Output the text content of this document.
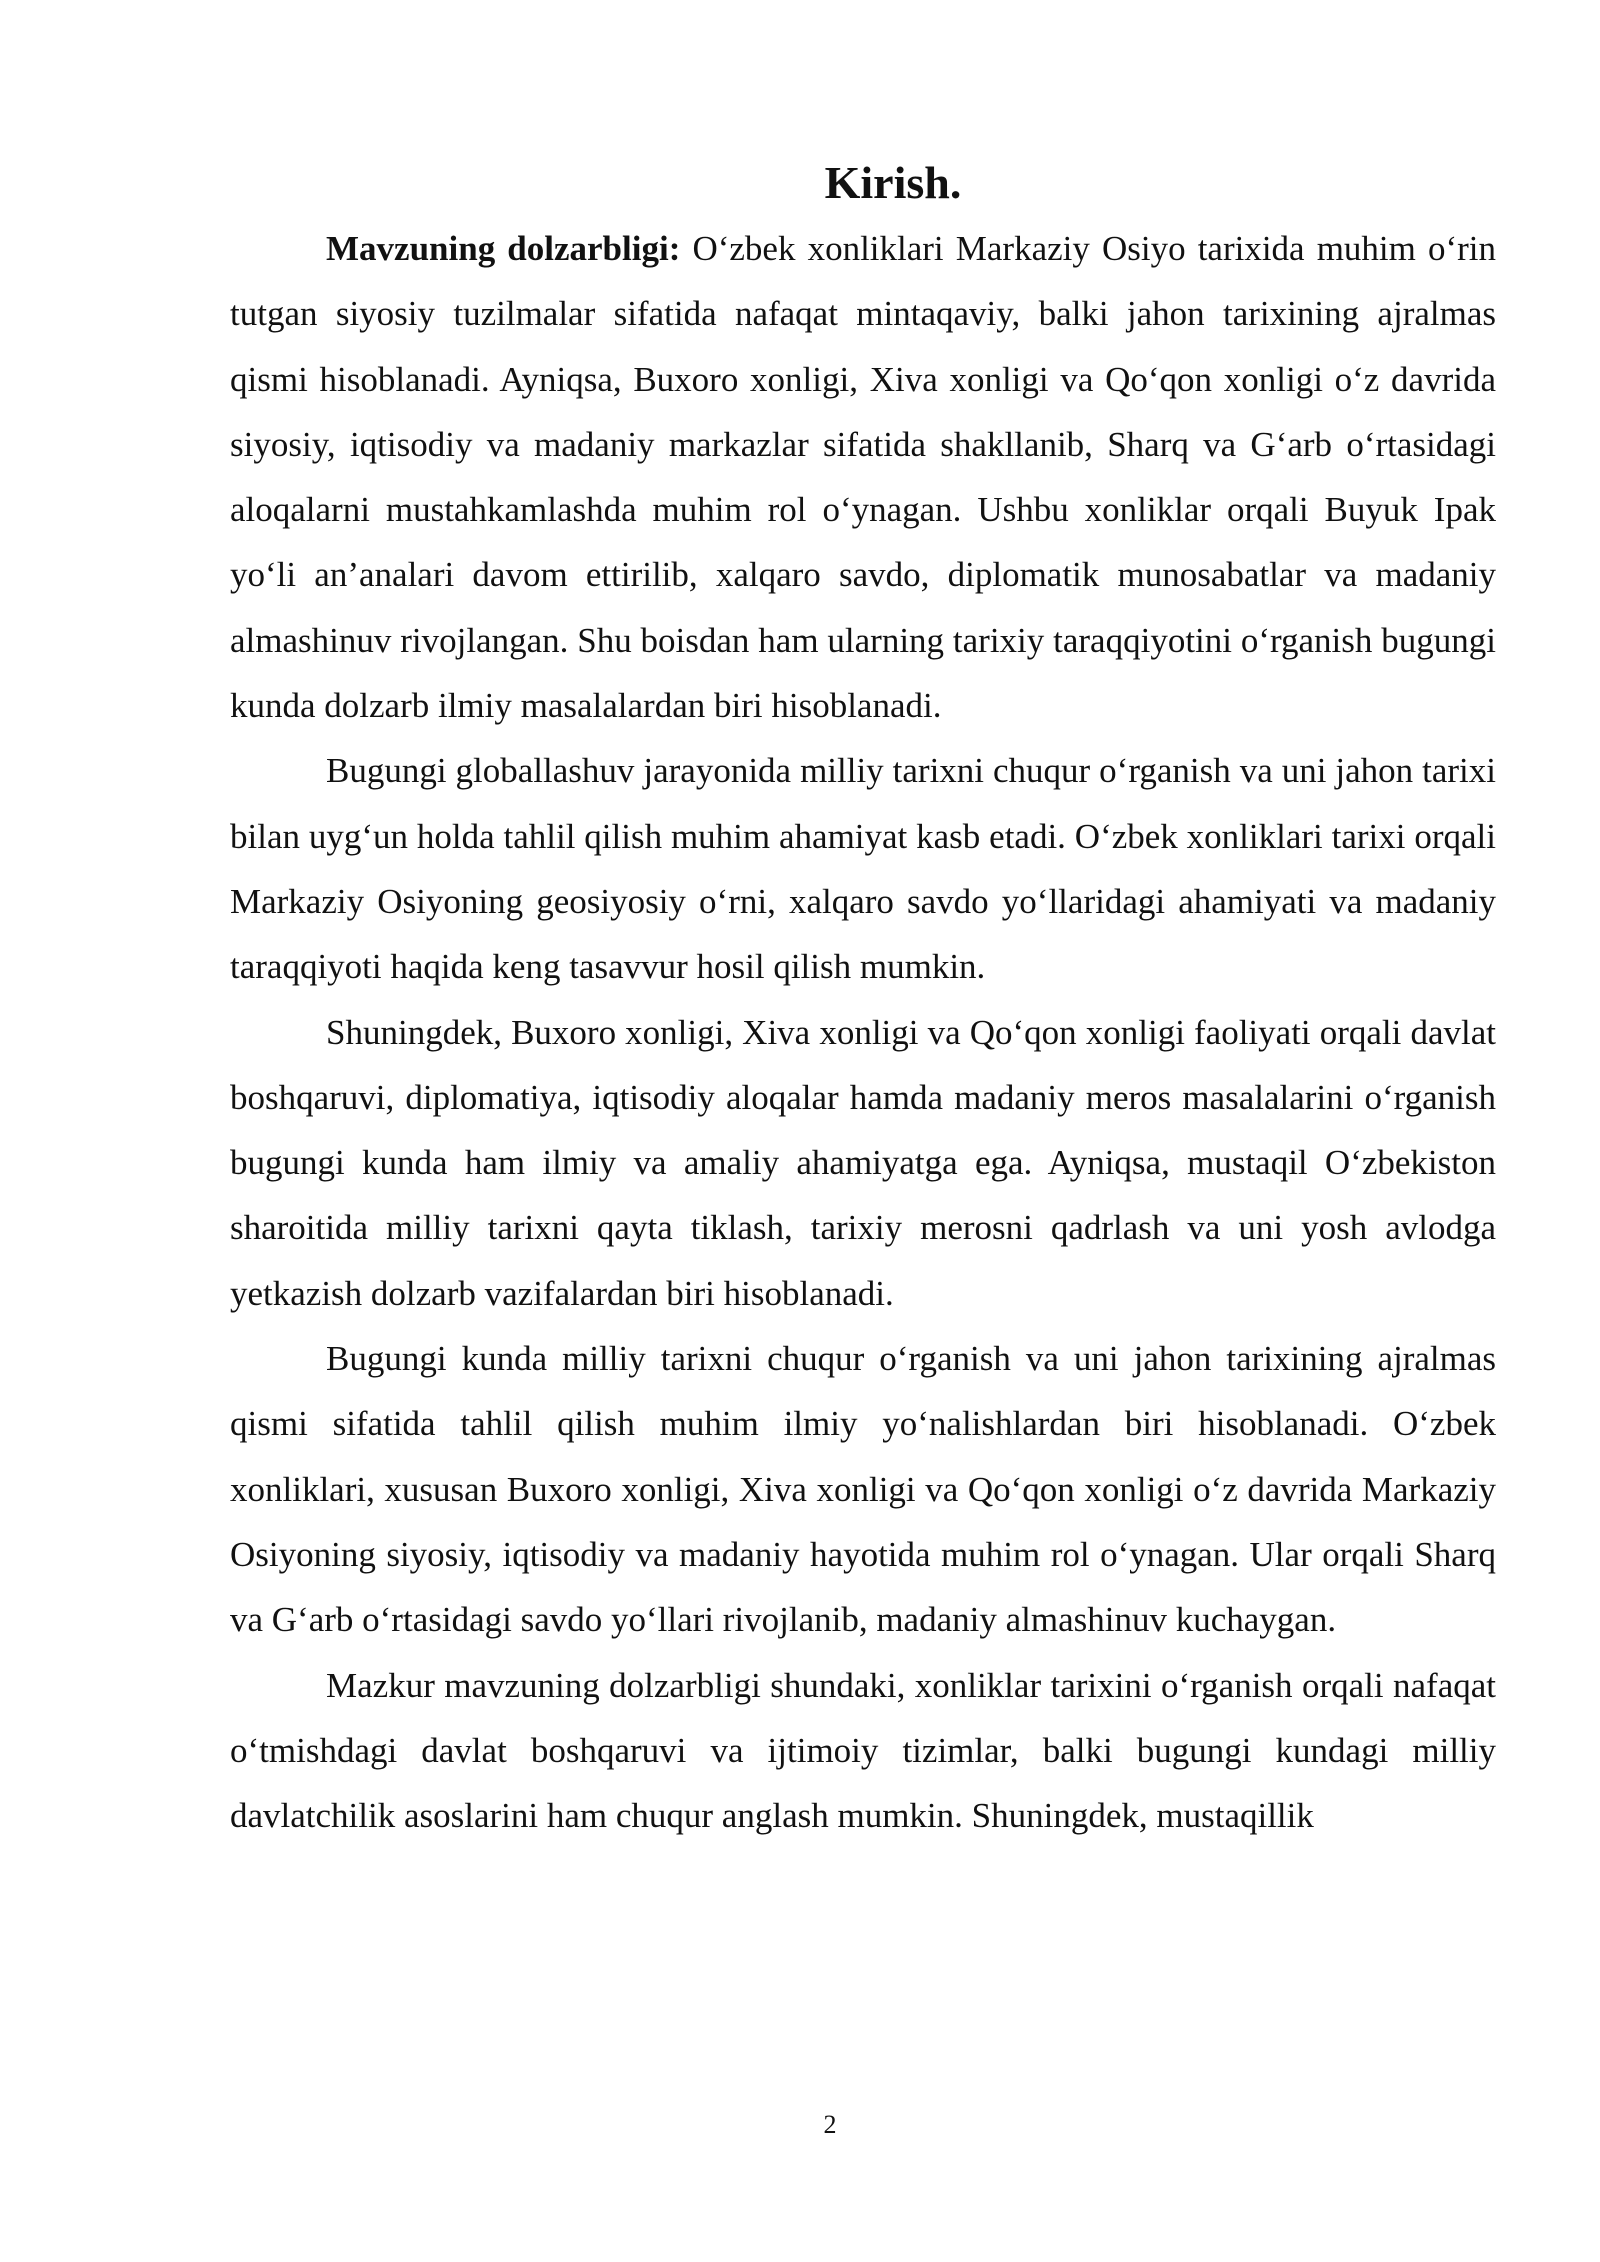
Kirish.

Mavzuning dolzarbligi: O‘zbek xonliklari Markaziy Osiyo tarixida muhim o‘rin tutgan siyosiy tuzilmalar sifatida nafaqat mintaqaviy, balki jahon tarixining ajralmas qismi hisoblanadi. Ayniqsa, Buxoro xonligi, Xiva xonligi va Qo‘qon xonligi o‘z davrida siyosiy, iqtisodiy va madaniy markazlar sifatida shakllanib, Sharq va G‘arb o‘rtasidagi aloqalarni mustahkamlashda muhim rol o‘ynagan. Ushbu xonliklar orqali Buyuk Ipak yo‘li an’analari davom ettirilib, xalqaro savdo, diplomatik munosabatlar va madaniy almashinuv rivojlangan. Shu boisdan ham ularning tarixiy taraqqiyotini o‘rganish bugungi kunda dolzarb ilmiy masalalardan biri hisoblanadi.

Bugungi globallashuv jarayonida milliy tarixni chuqur o‘rganish va uni jahon tarixi bilan uyg‘un holda tahlil qilish muhim ahamiyat kasb etadi. O‘zbek xonliklari tarixi orqali Markaziy Osiyoning geosiyosiy o‘rni, xalqaro savdo yo‘llaridagi ahamiyati va madaniy taraqqiyoti haqida keng tasavvur hosil qilish mumkin.

Shuningdek, Buxoro xonligi, Xiva xonligi va Qo‘qon xonligi faoliyati orqali davlat boshqaruvi, diplomatiya, iqtisodiy aloqalar hamda madaniy meros masalalarini o‘rganish bugungi kunda ham ilmiy va amaliy ahamiyatga ega. Ayniqsa, mustaqil O‘zbekiston sharoitida milliy tarixni qayta tiklash, tarixiy merosni qadrlash va uni yosh avlodga yetkazish dolzarb vazifalardan biri hisoblanadi.

Bugungi kunda milliy tarixni chuqur o‘rganish va uni jahon tarixining ajralmas qismi sifatida tahlil qilish muhim ilmiy yo‘nalishlardan biri hisoblanadi. O‘zbek xonliklari, xususan Buxoro xonligi, Xiva xonligi va Qo‘qon xonligi o‘z davrida Markaziy Osiyoning siyosiy, iqtisodiy va madaniy hayotida muhim rol o‘ynagan. Ular orqali Sharq va G‘arb o‘rtasidagi savdo yo‘llari rivojlanib, madaniy almashinuv kuchaygan.

Mazkur mavzuning dolzarbligi shundaki, xonliklar tarixini o‘rganish orqali nafaqat o‘tmishdagi davlat boshqaruvi va ijtimoiy tizimlar, balki bugungi kundagi milliy davlatchilik asoslarini ham chuqur anglash mumkin. Shuningdek, mustaqillik

2
